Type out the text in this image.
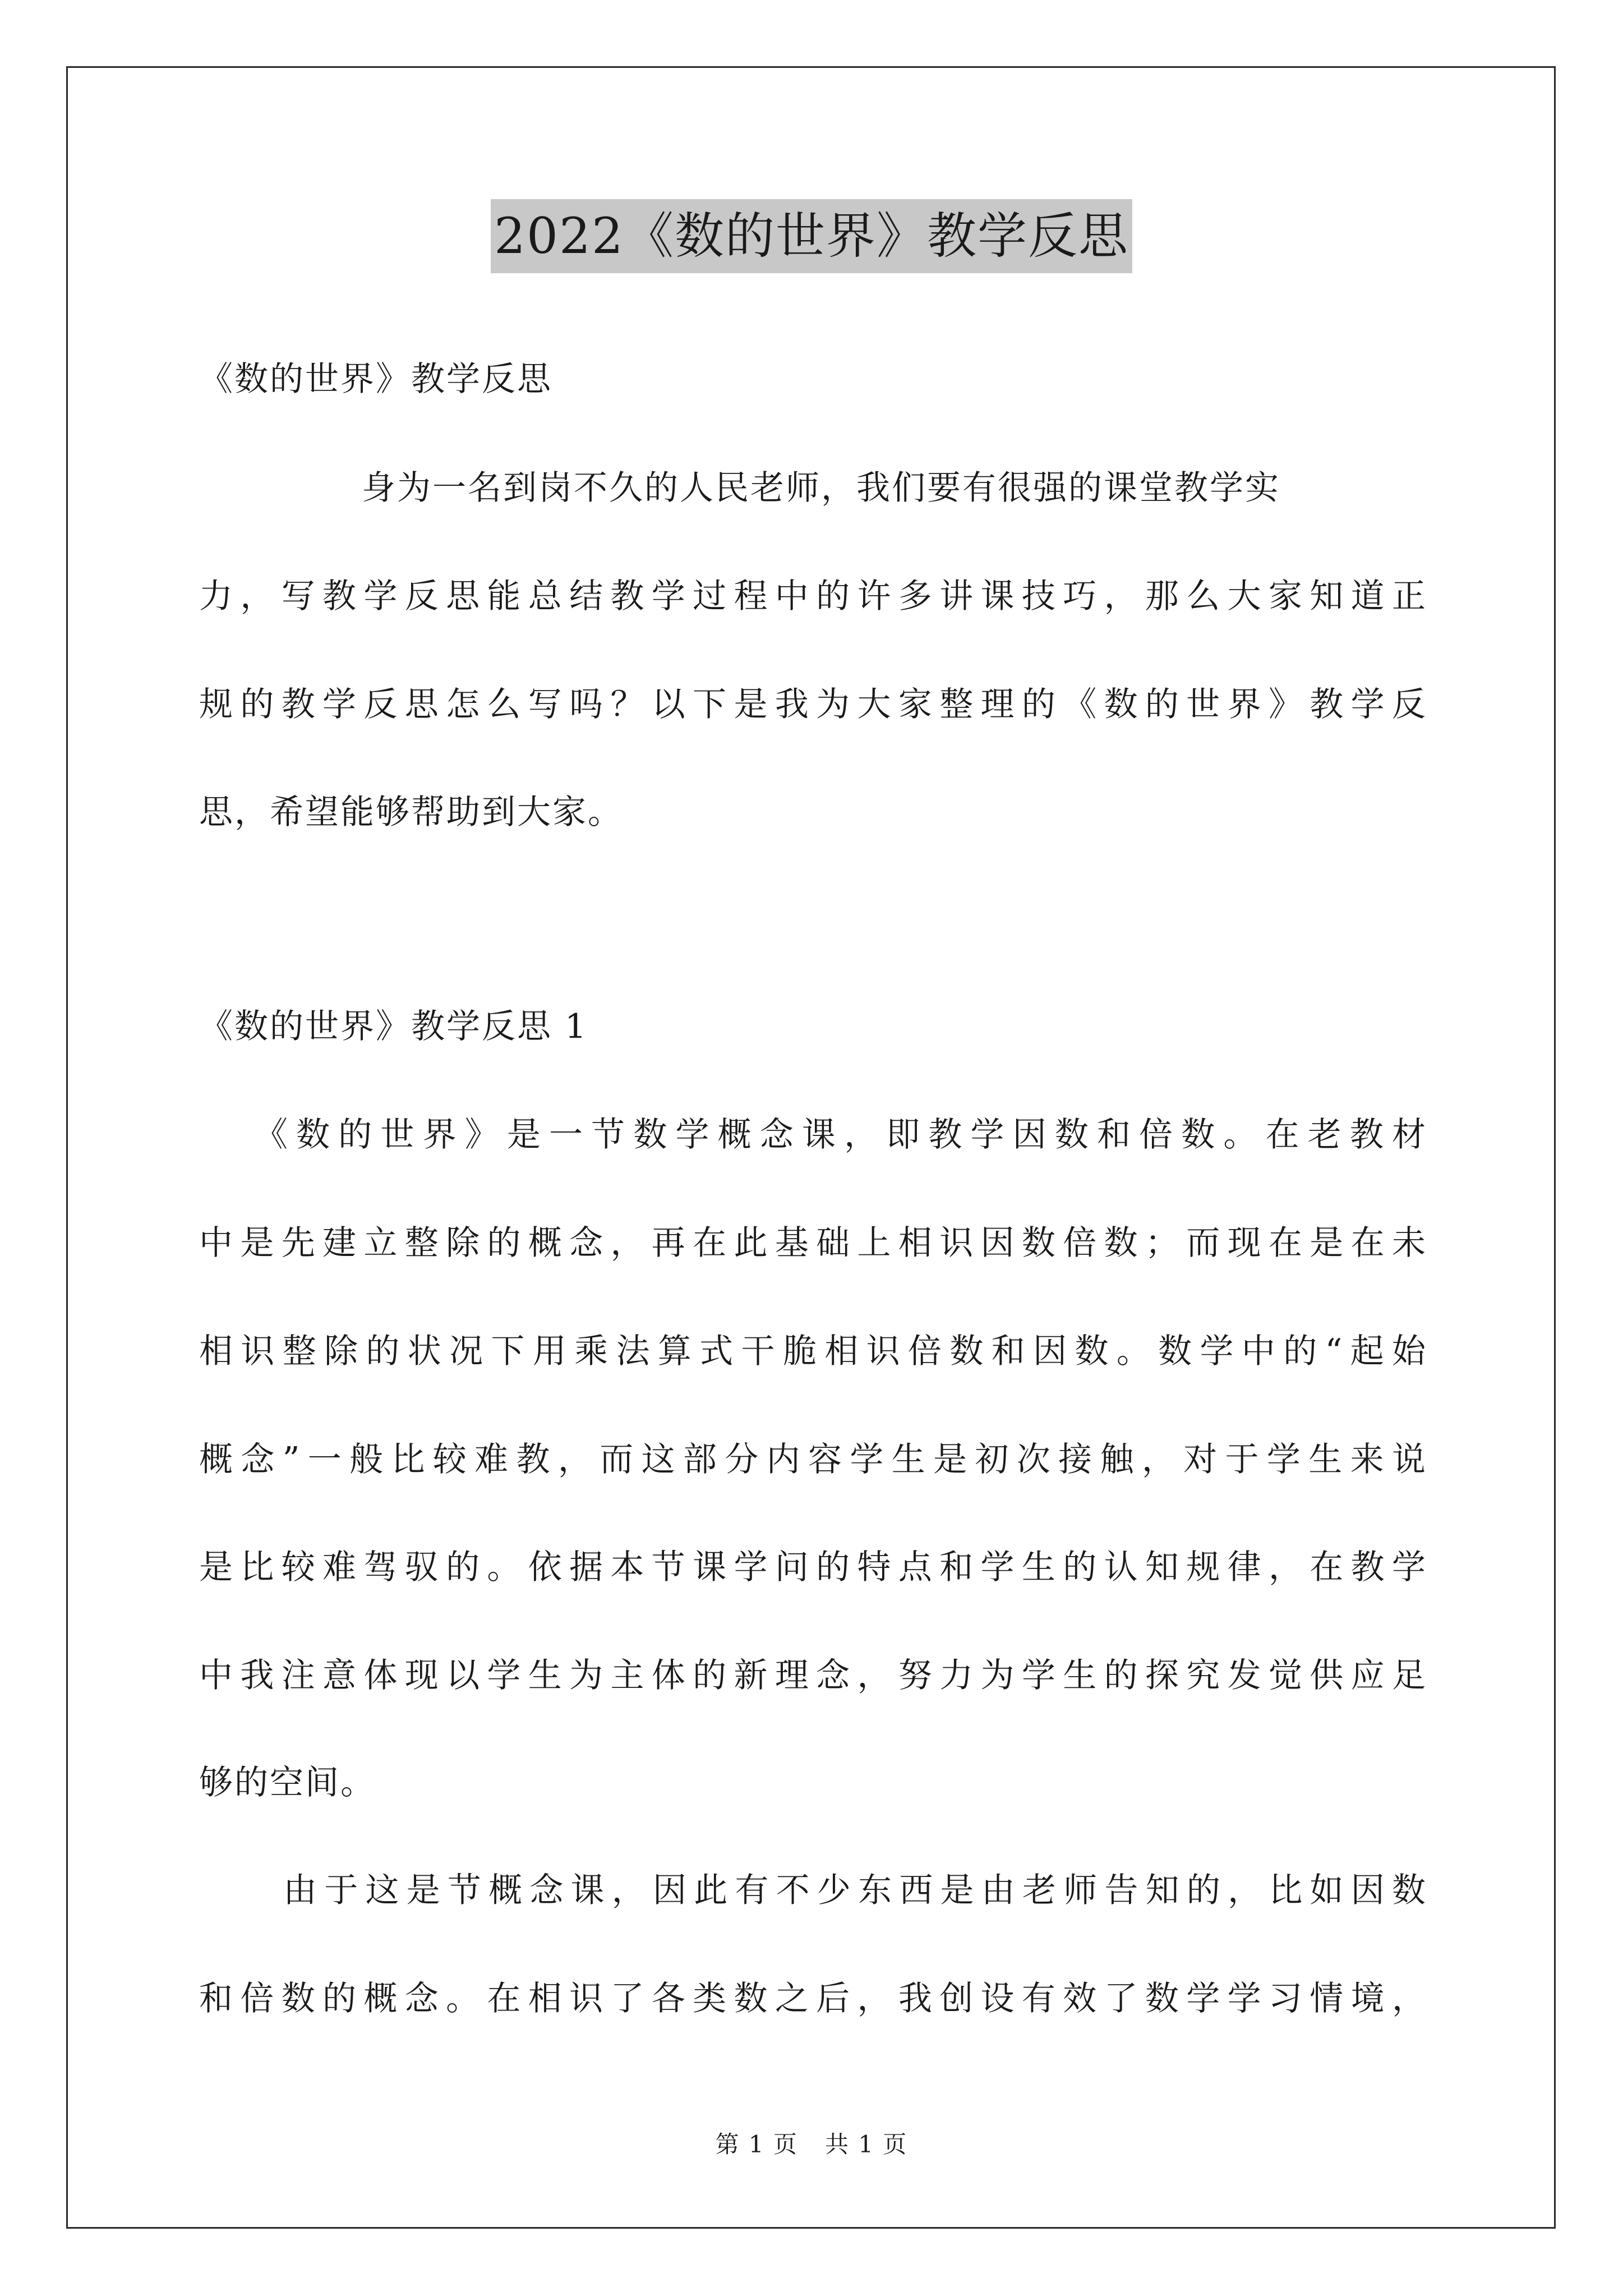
2022《数的世界》教学反思
《数的世界》教学反思
身为一名到岗不久的人民老师，我们要有很强的课堂教学实
力，写教学反思能总结教学过程中的许多讲课技巧，那么大家知道正
规的教学反思怎么写吗？以下是我为大家整理的《数的世界》教学反
思，希望能够帮助到大家。
《数的世界》教学反思 1
《数的世界》是一节数学概念课，即教学因数和倍数。在老教材
中是先建立整除的概念，再在此基础上相识因数倍数；而现在是在未
相识整除的状况下用乘法算式干脆相识倍数和因数。数学中的“起始
概念”一般比较难教，而这部分内容学生是初次接触，对于学生来说
是比较难驾驭的。依据本节课学问的特点和学生的认知规律，在教学
中我注意体现以学生为主体的新理念，努力为学生的探究发觉供应足
够的空间。
由于这是节概念课，因此有不少东西是由老师告知的，比如因数
和倍数的概念。在相识了各类数之后，我创设有效了数学学习情境，
第 1 页 共 1 页
